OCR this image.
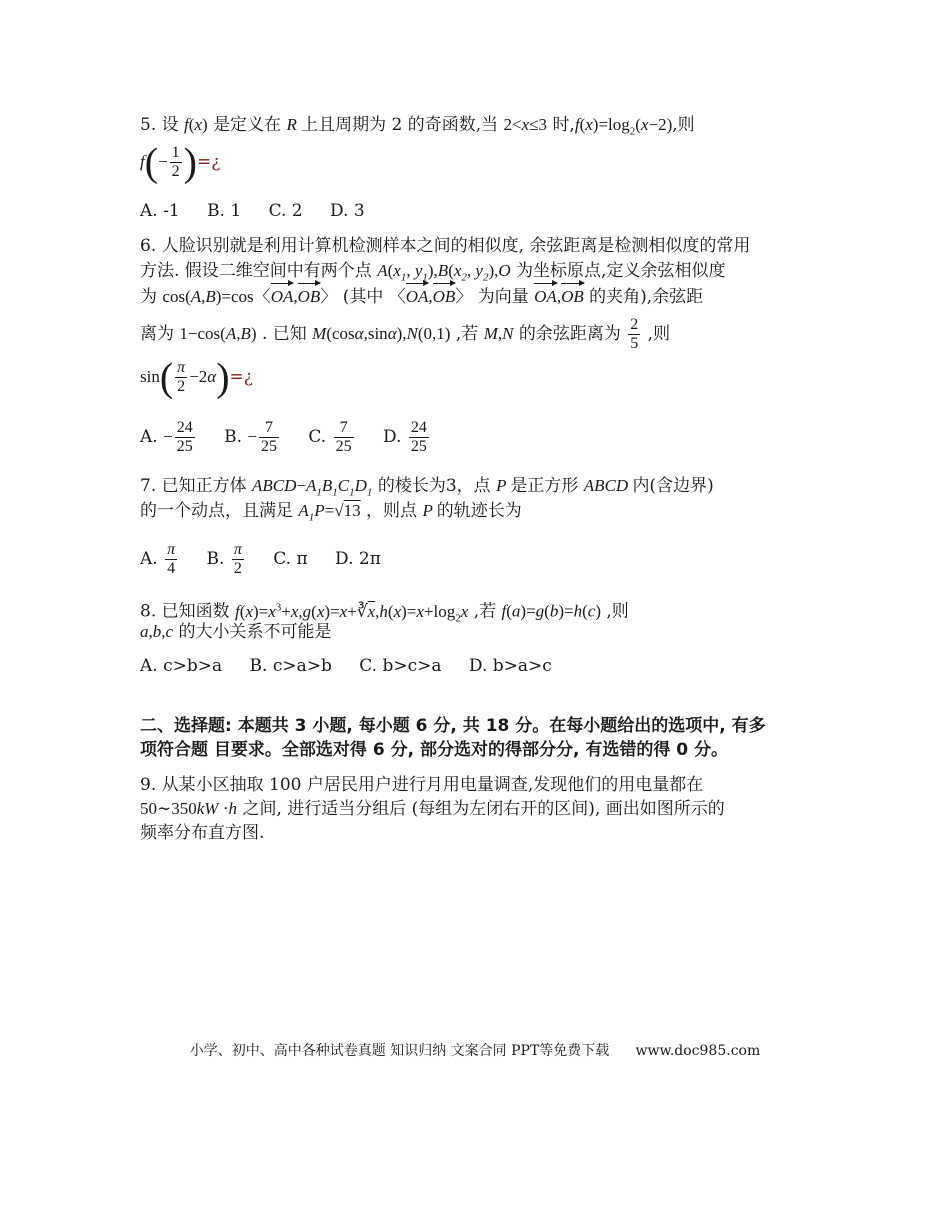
5. 设 f(x) 是定义在 R 上且周期为 2 的奇函数,当 2<x≤3 时$,f(x)=\log_2(x-2)$,则
$f(- \frac{1}{2}$ )=¿
A. -1 B. 1 C. 2 D. 3
6. 人脸识别就是利用计算机检测样本之间的相似度, 余弦距离是检测相似度的常用
方法. 假设二维空间中有两个点 $A(x_1$, $y_1),B(x_2$, $y_2),O$ 为坐标原点,定义余弦相似度
为 cos(A,B)=cos〈OA,OB〉 (其中 〈OA,OB〉 为向量 OA,OB 的夹角),余弦距
离为 1−cos(A,B) . 已知 M(cosα,sinα),N(0,1) ,若 M,N 的余弦距离为 $\frac{2}{5}$ ,则
$\sin( \frac{\pi}{2}$ −2α)=¿
A. − $\frac{24}{25} B$. − $\frac{7}{25} C$. $\frac{7}{25} D$. $\frac{24}{25}$
7. 已知正方体 $ABCD-A_1B_1C_1D_1$ 的棱长为3，点 P 是正方形 ABCD 内(含边界)
的一个动点，且满足 $A_1P=√13$ ，则点 P 的轨迹长为
A. $\frac{\pi}{4} B$. $\frac{\pi}{2} C$. π D. 2π
8. 已知函数 $f(x)=x^3+x,g(x)=x+∛\overline{x},h(x)=x+\log_2x$ ,若 f(a)=g(b)=h(c) ,则
a,b,c 的大小关系不可能是
A. c>b>a B. c>a>b C. b>c>a D. b>a>c
二、选择题: 本题共 3 小题, 每小题 6 分, 共 18 分。在每小题给出的选项中, 有多
项符合题 目要求。全部选对得 6 分, 部分选对的得部分分, 有选错的得 0 分。
9. 从某小区抽取 100 户居民用户进行月用电量调查,发现他们的用电量都在
50∼350kW ⋅h 之间, 进行适当分组后 (每组为左闭右开的区间), 画出如图所示的
频率分布直方图.
小学、初中、高中各种试卷真题 知识归纳 文案合同 PPT等免费下载 www.doc985.com
